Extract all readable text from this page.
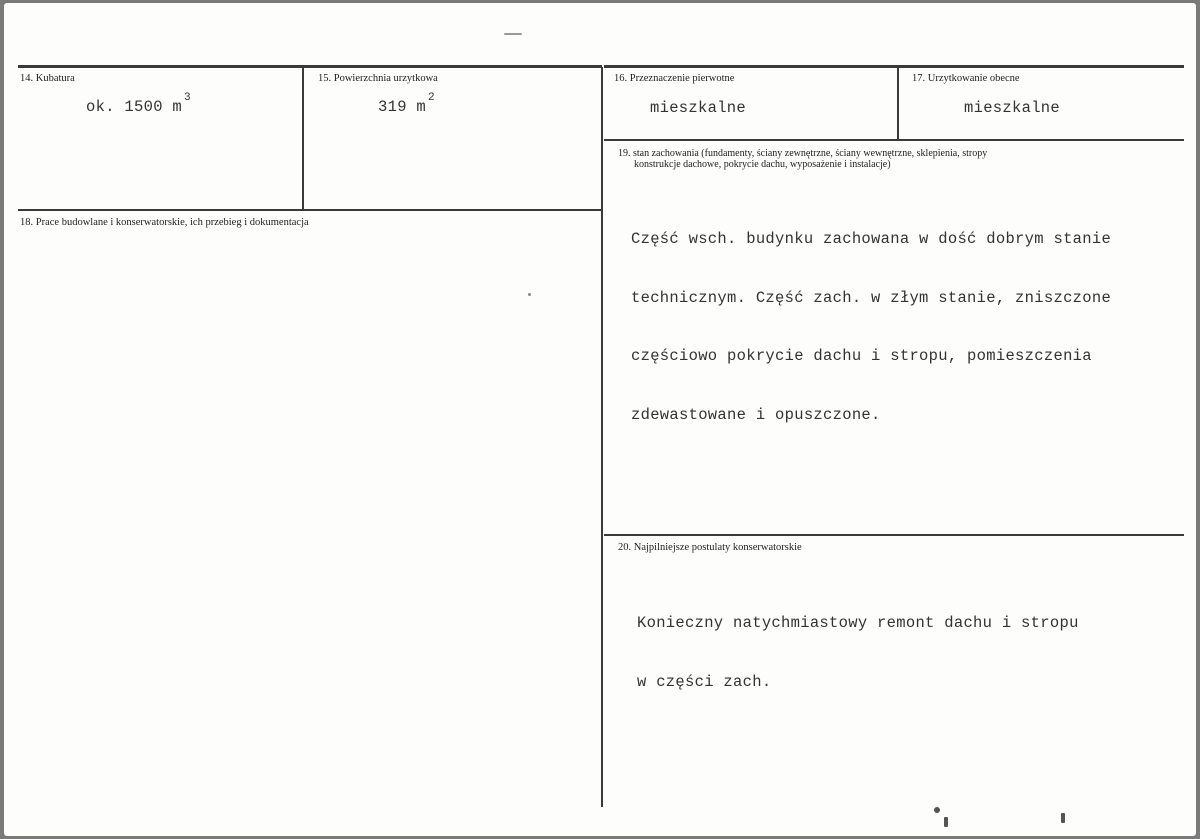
14. Kubatura
ok. 1500 m $^3$
15. Powierzchnia urzytkowa
319 m $^2$
16. Przeznaczenie pierwotne
mieszkalne
17. Urzytkowanie obecne
mieszkalne
18. Prace budowlane i konserwatorskie, ich przebieg i dokumentacja
19. stan zachowania (fundamenty, ściany zewnętrzne, ściany wewnętrzne, sklepienia, stropy
konstrukcje dachowe, pokrycie dachu, wyposażenie i instalacje)

Część wsch. budynku zachowana w dość dobrym stanie

technicznym. Część zach. w złym stanie, zniszczone

częściowo pokrycie dachu i stropu, pomieszczenia

zdewastowane i opuszczone.

20. Najpilniejsze postulaty konserwatorskie

Konieczny natychmiastowy remont dachu i stropu

w części zach.
